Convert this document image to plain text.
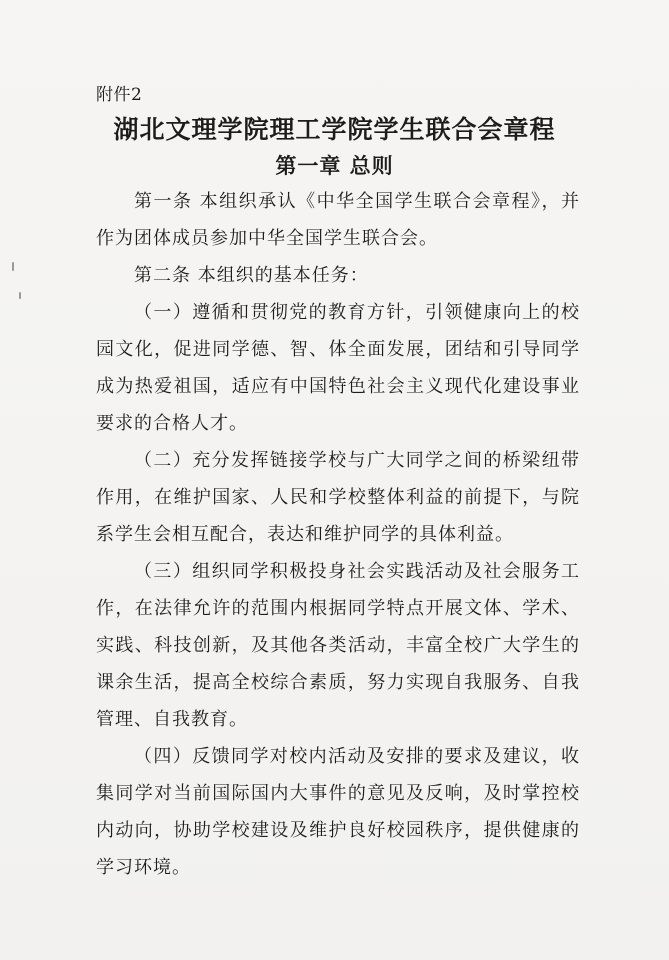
附件2
湖北文理学院理工学院学生联合会章程
第一章 总则

第一条 本组织承认《中华全国学生联合会章程》，并作为团体成员参加中华全国学生联合会。

第二条 本组织的基本任务：

（一）遵循和贯彻党的教育方针，引领健康向上的校园文化，促进同学德、智、体全面发展，团结和引导同学成为热爱祖国，适应有中国特色社会主义现代化建设事业要求的合格人才。

（二）充分发挥链接学校与广大同学之间的桥梁纽带作用，在维护国家、人民和学校整体利益的前提下，与院系学生会相互配合，表达和维护同学的具体利益。

（三）组织同学积极投身社会实践活动及社会服务工作，在法律允许的范围内根据同学特点开展文体、学术、实践、科技创新，及其他各类活动，丰富全校广大学生的课余生活，提高全校综合素质，努力实现自我服务、自我管理、自我教育。

（四）反馈同学对校内活动及安排的要求及建议，收集同学对当前国际国内大事件的意见及反响，及时掌控校内动向，协助学校建设及维护良好校园秩序，提供健康的学习环境。
